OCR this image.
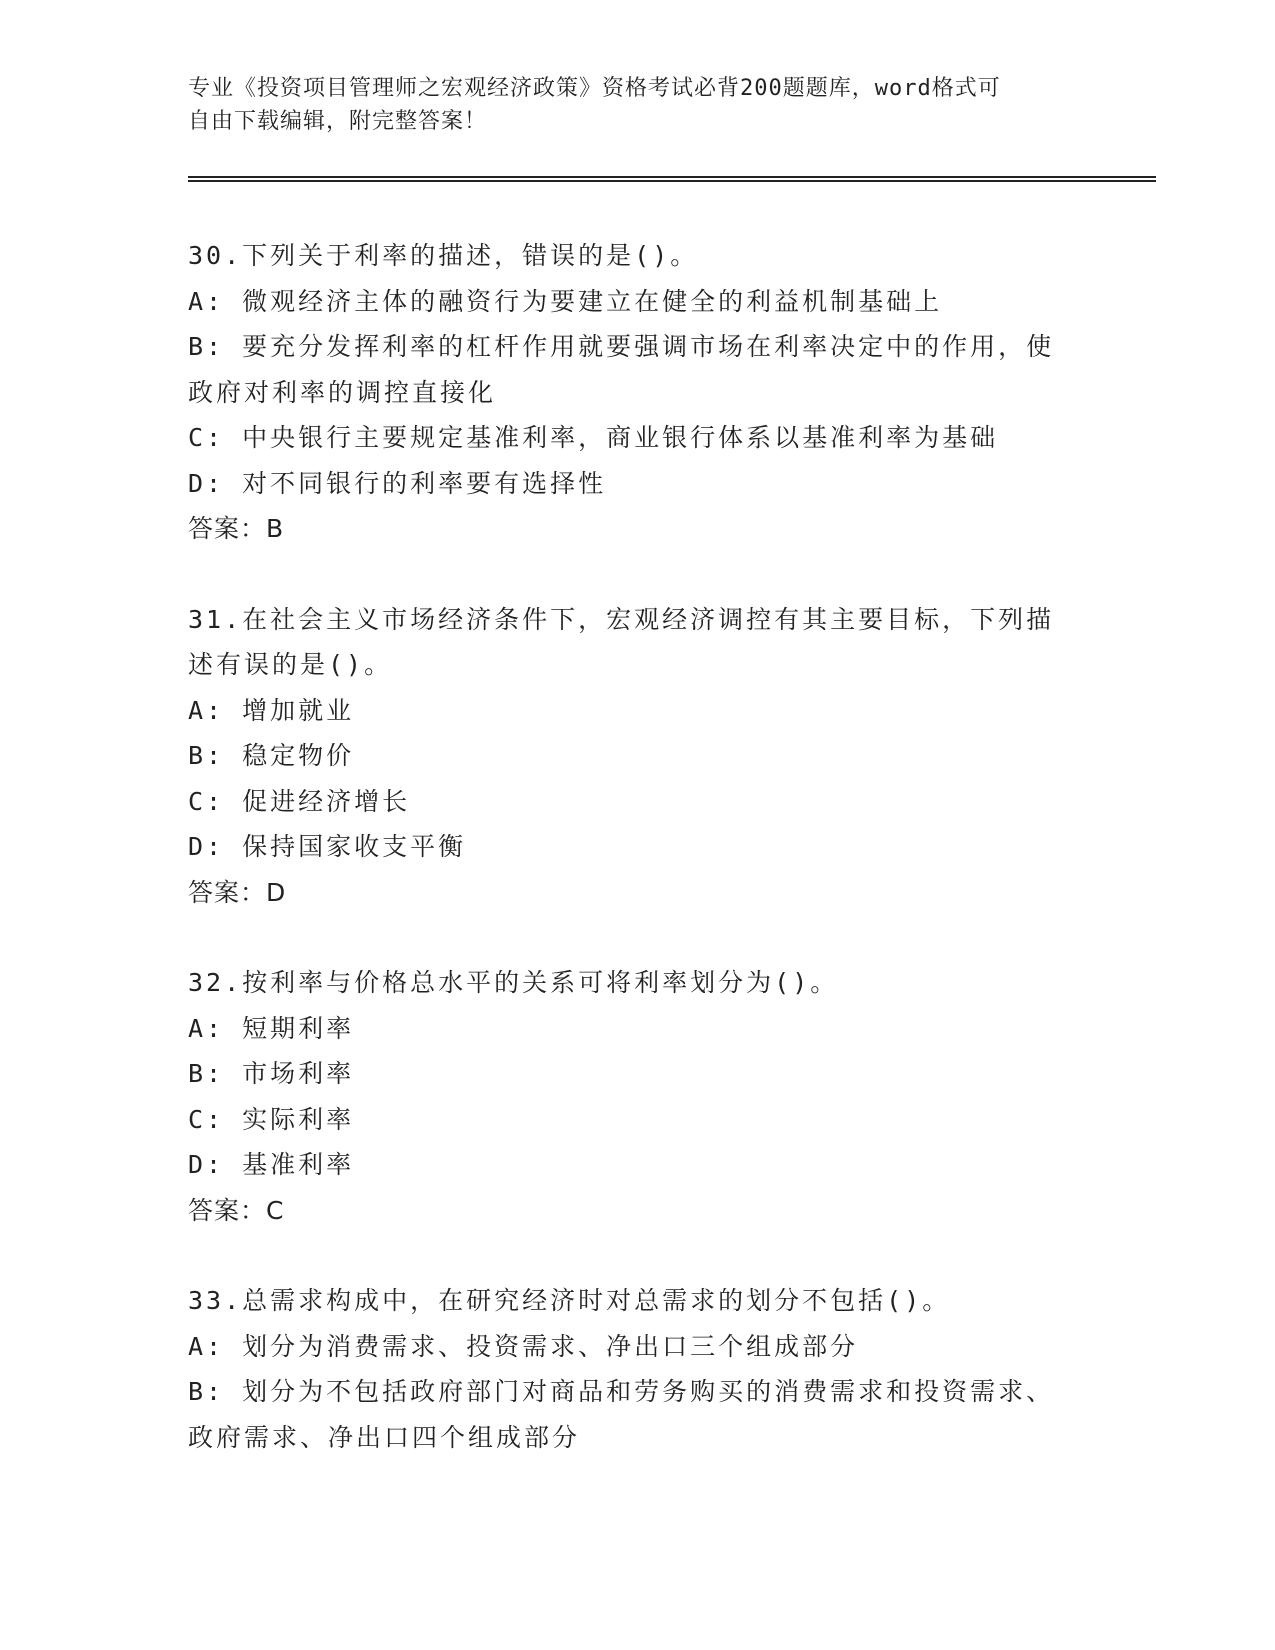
专业《投资项目管理师之宏观经济政策》资格考试必背200题题库，word格式可
自由下载编辑，附完整答案！

30.下列关于利率的描述，错误的是()。

A: 微观经济主体的融资行为要建立在健全的利益机制基础上

B: 要充分发挥利率的杠杆作用就要强调市场在利率决定中的作用，使

政府对利率的调控直接化

C: 中央银行主要规定基准利率，商业银行体系以基准利率为基础

D: 对不同银行的利率要有选择性

答案：B

31.在社会主义市场经济条件下，宏观经济调控有其主要目标，下列描

述有误的是()。

A: 增加就业

B: 稳定物价

C: 促进经济增长

D: 保持国家收支平衡

答案：D

32.按利率与价格总水平的关系可将利率划分为()。

A: 短期利率

B: 市场利率

C: 实际利率

D: 基准利率

答案：C

33.总需求构成中，在研究经济时对总需求的划分不包括()。

A: 划分为消费需求、投资需求、净出口三个组成部分

B: 划分为不包括政府部门对商品和劳务购买的消费需求和投资需求、

政府需求、净出口四个组成部分
